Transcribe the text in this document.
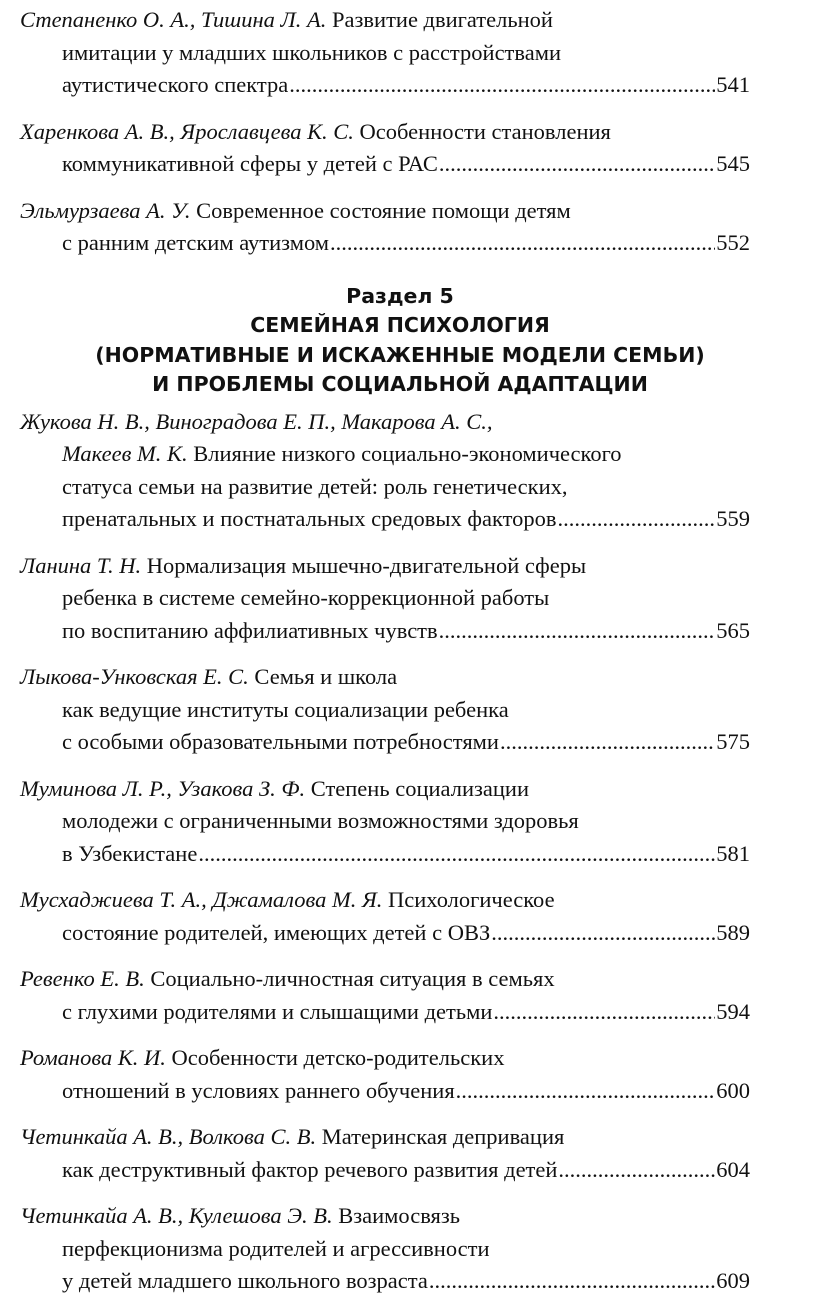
Степаненко О. А., Тишина Л. А. Развитие двигательной
имитации у младших школьников с расстройствами
аутистического спектра .....	541
Харенкова А. В., Ярославцева К. С. Особенности становления
коммуникативной сферы у детей с РАС .....	545
Эльмурзаева А. У. Современное состояние помощи детям
с ранним детским аутизмом .....	552
Раздел 5
СЕМЕЙНАЯ ПСИХОЛОГИЯ
(НОРМАТИВНЫЕ И ИСКАЖЕННЫЕ МОДЕЛИ СЕМЬИ)
И ПРОБЛЕМЫ СОЦИАЛЬНОЙ АДАПТАЦИИ
Жукова Н. В., Виноградова Е. П., Макарова А. С.,
Макеев М. К. Влияние низкого социально-экономического
статуса семьи на развитие детей: роль генетических,
пренатальных и постнатальных средовых факторов .....	559
Ланина Т. Н. Нормализация мышечно-двигательной сферы
ребенка в системе семейно-коррекционной работы
по воспитанию аффилиативных чувств .....	565
Лыкова-Унковская Е. С. Семья и школа
как ведущие институты социализации ребенка
с особыми образовательными потребностями .....	575
Муминова Л. Р., Узакова З. Ф. Степень социализации
молодежи с ограниченными возможностями здоровья
в Узбекистане .....	581
Мусхаджиева Т. А., Джамалова М. Я. Психологическое
состояние родителей, имеющих детей с ОВЗ .....	589
Ревенко Е. В. Социально-личностная ситуация в семьях
с глухими родителями и слышащими детьми .....	594
Романова К. И. Особенности детско-родительских
отношений в условиях раннего обучения .....	600
Четинкайа А. В., Волкова С. В. Материнская депривация
как деструктивный фактор речевого развития детей .....	604
Четинкайа А. В., Кулешова Э. В. Взаимосвязь
перфекционизма родителей и агрессивности
у детей младшего школьного возраста .....	609
